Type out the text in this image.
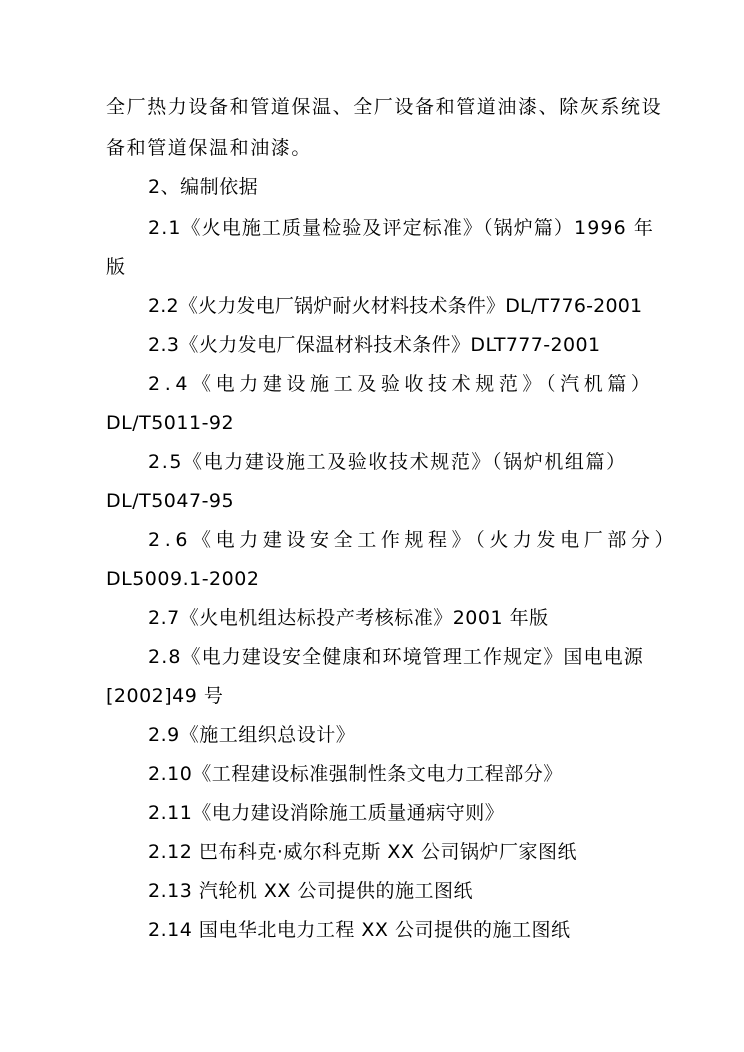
全厂热力设备和管道保温、全厂设备和管道油漆、除灰系统设
备和管道保温和油漆。
2、编制依据
2.1《火电施工质量检验及评定标准》（锅炉篇）1996 年
版
2.2《火力发电厂锅炉耐火材料技术条件》DL/T776-2001
2.3《火力发电厂保温材料技术条件》DLT777-2001
2.4《电力建设施工及验收技术规范》（汽机篇）
DL/T5011-92
2.5《电力建设施工及验收技术规范》（锅炉机组篇）
DL/T5047-95
2.6《电力建设安全工作规程》（火力发电厂部分）
DL5009.1-2002
2.7《火电机组达标投产考核标准》2001 年版
2.8《电力建设安全健康和环境管理工作规定》国电电源
[2002]49 号
2.9《施工组织总设计》
2.10《工程建设标准强制性条文电力工程部分》
2.11《电力建设消除施工质量通病守则》
2.12 巴布科克·威尔科克斯 XX 公司锅炉厂家图纸
2.13 汽轮机 XX 公司提供的施工图纸
2.14 国电华北电力工程 XX 公司提供的施工图纸
